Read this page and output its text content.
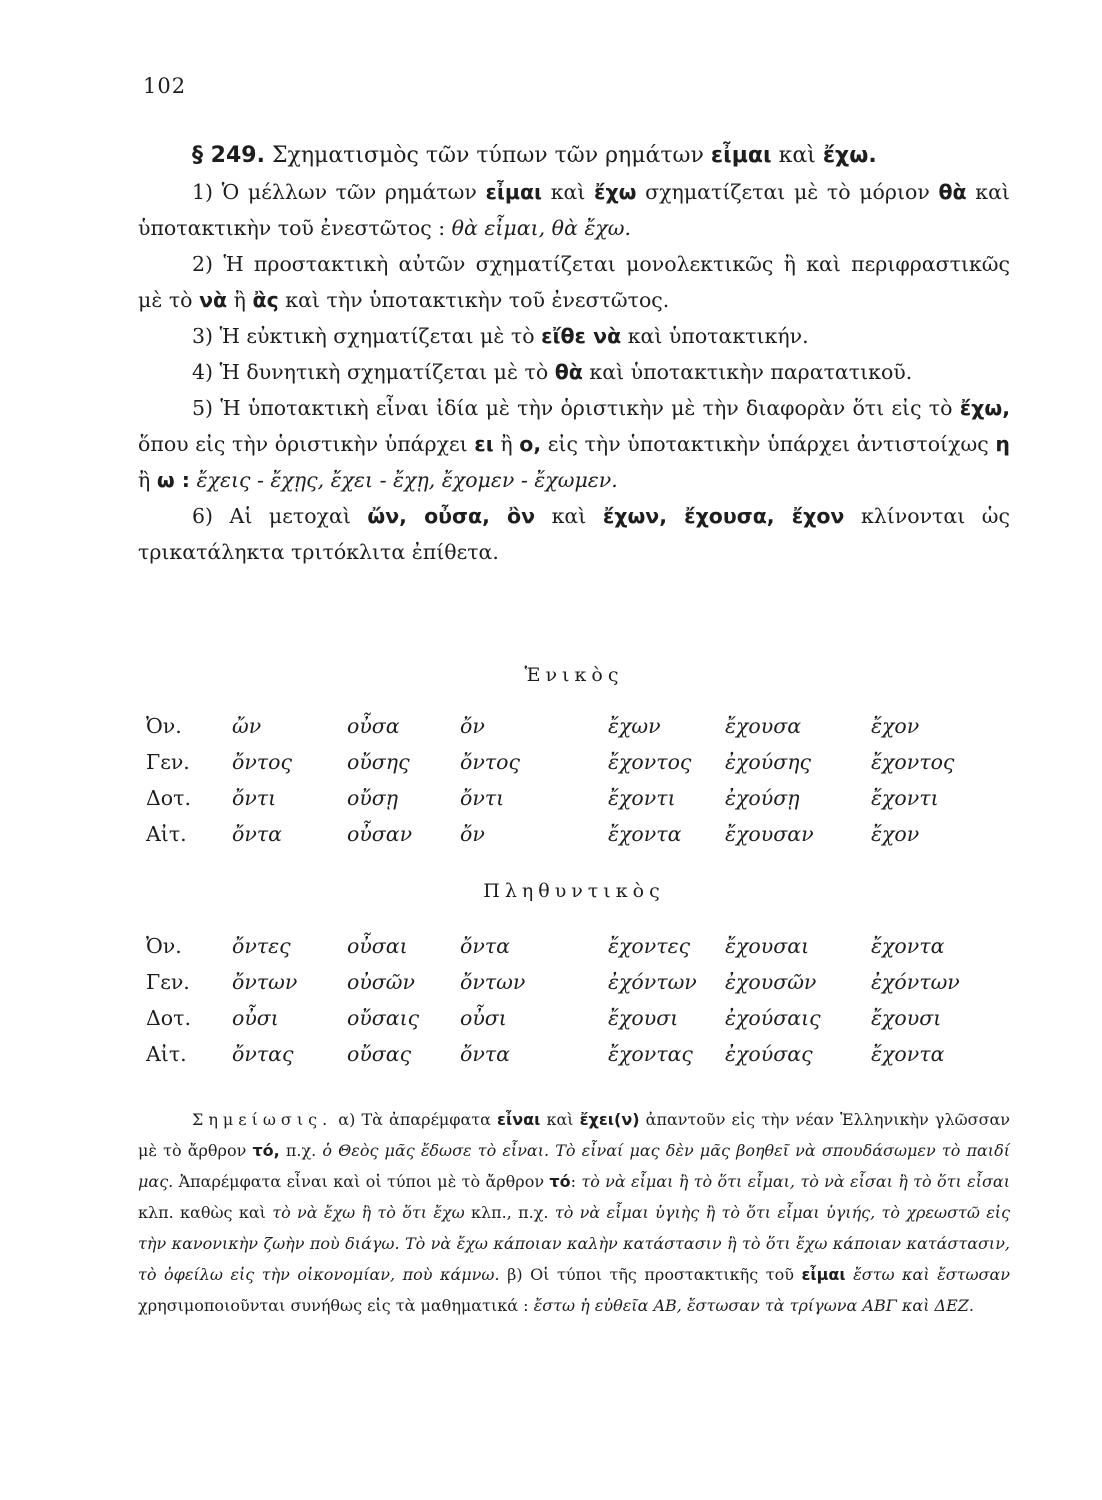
102

§ 249. Σχηματισμὸς τῶν τύπων τῶν ρημάτων εἶμαι καὶ ἔχω.

1) Ὁ μέλλων τῶν ρημάτων εἶμαι καὶ ἔχω σχηματίζεται μὲ τὸ μόριον θὰ καὶ ὑποτακτικὴν τοῦ ἐνεστῶτος : θὰ εἶμαι, θὰ ἔχω.

2) Ἡ προστακτικὴ αὐτῶν σχηματίζεται μονολεκτικῶς ἢ καὶ περιφραστικῶς μὲ τὸ νὰ ἢ ἂς καὶ τὴν ὑποτακτικὴν τοῦ ἐνεστῶτος.

3) Ἡ εὐκτικὴ σχηματίζεται μὲ τὸ εἴθε νὰ καὶ ὑποτακτικήν.

4) Ἡ δυνητικὴ σχηματίζεται μὲ τὸ θὰ καὶ ὑποτακτικὴν παρατατικοῦ.

5) Ἡ ὑποτακτικὴ εἶναι ἰδία μὲ τὴν ὁριστικὴν μὲ τὴν διαφορὰν ὅτι εἰς τὸ ἔχω, ὅπου εἰς τὴν ὁριστικὴν ὑπάρχει ει ἢ ο, εἰς τὴν ὑποτακτικὴν ὑπάρχει ἀντιστοίχως η ἢ ω : ἔχεις - ἔχῃς, ἔχει - ἔχῃ, ἔχομεν - ἔχωμεν.

6) Αἱ μετοχαὶ ὤν, οὖσα, ὂν καὶ ἔχων, ἔχουσα, ἔχον κλίνονται ὡς τρικατάληκτα τριτόκλιτα ἐπίθετα.

Ἑνικὸς
Ὀν.	ὤν	οὖσα	ὄν	ἔχων	ἔχουσα	ἔχον
Γεν.	ὄντος	οὔσης	ὄντος	ἔχοντος	ἐχούσης	ἔχοντος
Δοτ.	ὄντι	οὔσῃ	ὄντι	ἔχοντι	ἐχούσῃ	ἔχοντι
Αἰτ.	ὄντα	οὖσαν	ὄν	ἔχοντα	ἔχουσαν	ἔχον
Πληθυντικὸς
Ὀν.	ὄντες	οὖσαι	ὄντα	ἔχοντες	ἔχουσαι	ἔχοντα
Γεν.	ὄντων	οὐσῶν	ὄντων	ἐχόντων	ἐχουσῶν	ἐχόντων
Δοτ.	οὖσι	οὔσαις	οὖσι	ἔχουσι	ἐχούσαις	ἔχουσι
Αἰτ.	ὄντας	οὔσας	ὄντα	ἔχοντας	ἐχούσας	ἔχοντα
Σημείωσις. α) Τὰ ἀπαρέμφατα εἶναι καὶ ἔχει(ν) ἀπαντοῦν εἰς τὴν νέαν Ἑλληνικὴν γλῶσσαν μὲ τὸ ἄρθρον τό, π.χ. ὁ Θεὸς μᾶς ἔδωσε τὸ εἶναι. Τὸ εἶναί μας δὲν μᾶς βοηθεῖ νὰ σπουδάσωμεν τὸ παιδί μας. Ἀπαρέμφατα εἶναι καὶ οἱ τύποι μὲ τὸ ἄρθρον τό: τὸ νὰ εἶμαι ἢ τὸ ὅτι εἶμαι, τὸ νὰ εἶσαι ἢ τὸ ὅτι εἶσαι κλπ. καθὼς καὶ τὸ νὰ ἔχω ἢ τὸ ὅτι ἔχω κλπ., π.χ. τὸ νὰ εἶμαι ὑγιὴς ἢ τὸ ὅτι εἶμαι ὑγιής, τὸ χρεωστῶ εἰς τὴν κανονικὴν ζωὴν ποὺ διάγω. Τὸ νὰ ἔχω κάποιαν καλὴν κατάστασιν ἢ τὸ ὅτι ἔχω κάποιαν κατάστασιν, τὸ ὀφείλω εἰς τὴν οἰκονομίαν, ποὺ κάμνω. β) Οἱ τύποι τῆς προστακτικῆς τοῦ εἶμαι ἔστω καὶ ἔστωσαν χρησιμοποιοῦνται συνήθως εἰς τὰ μαθηματικά : ἔστω ἡ εὐθεῖα ΑΒ, ἔστωσαν τὰ τρίγωνα ΑΒΓ καὶ ΔΕΖ.
